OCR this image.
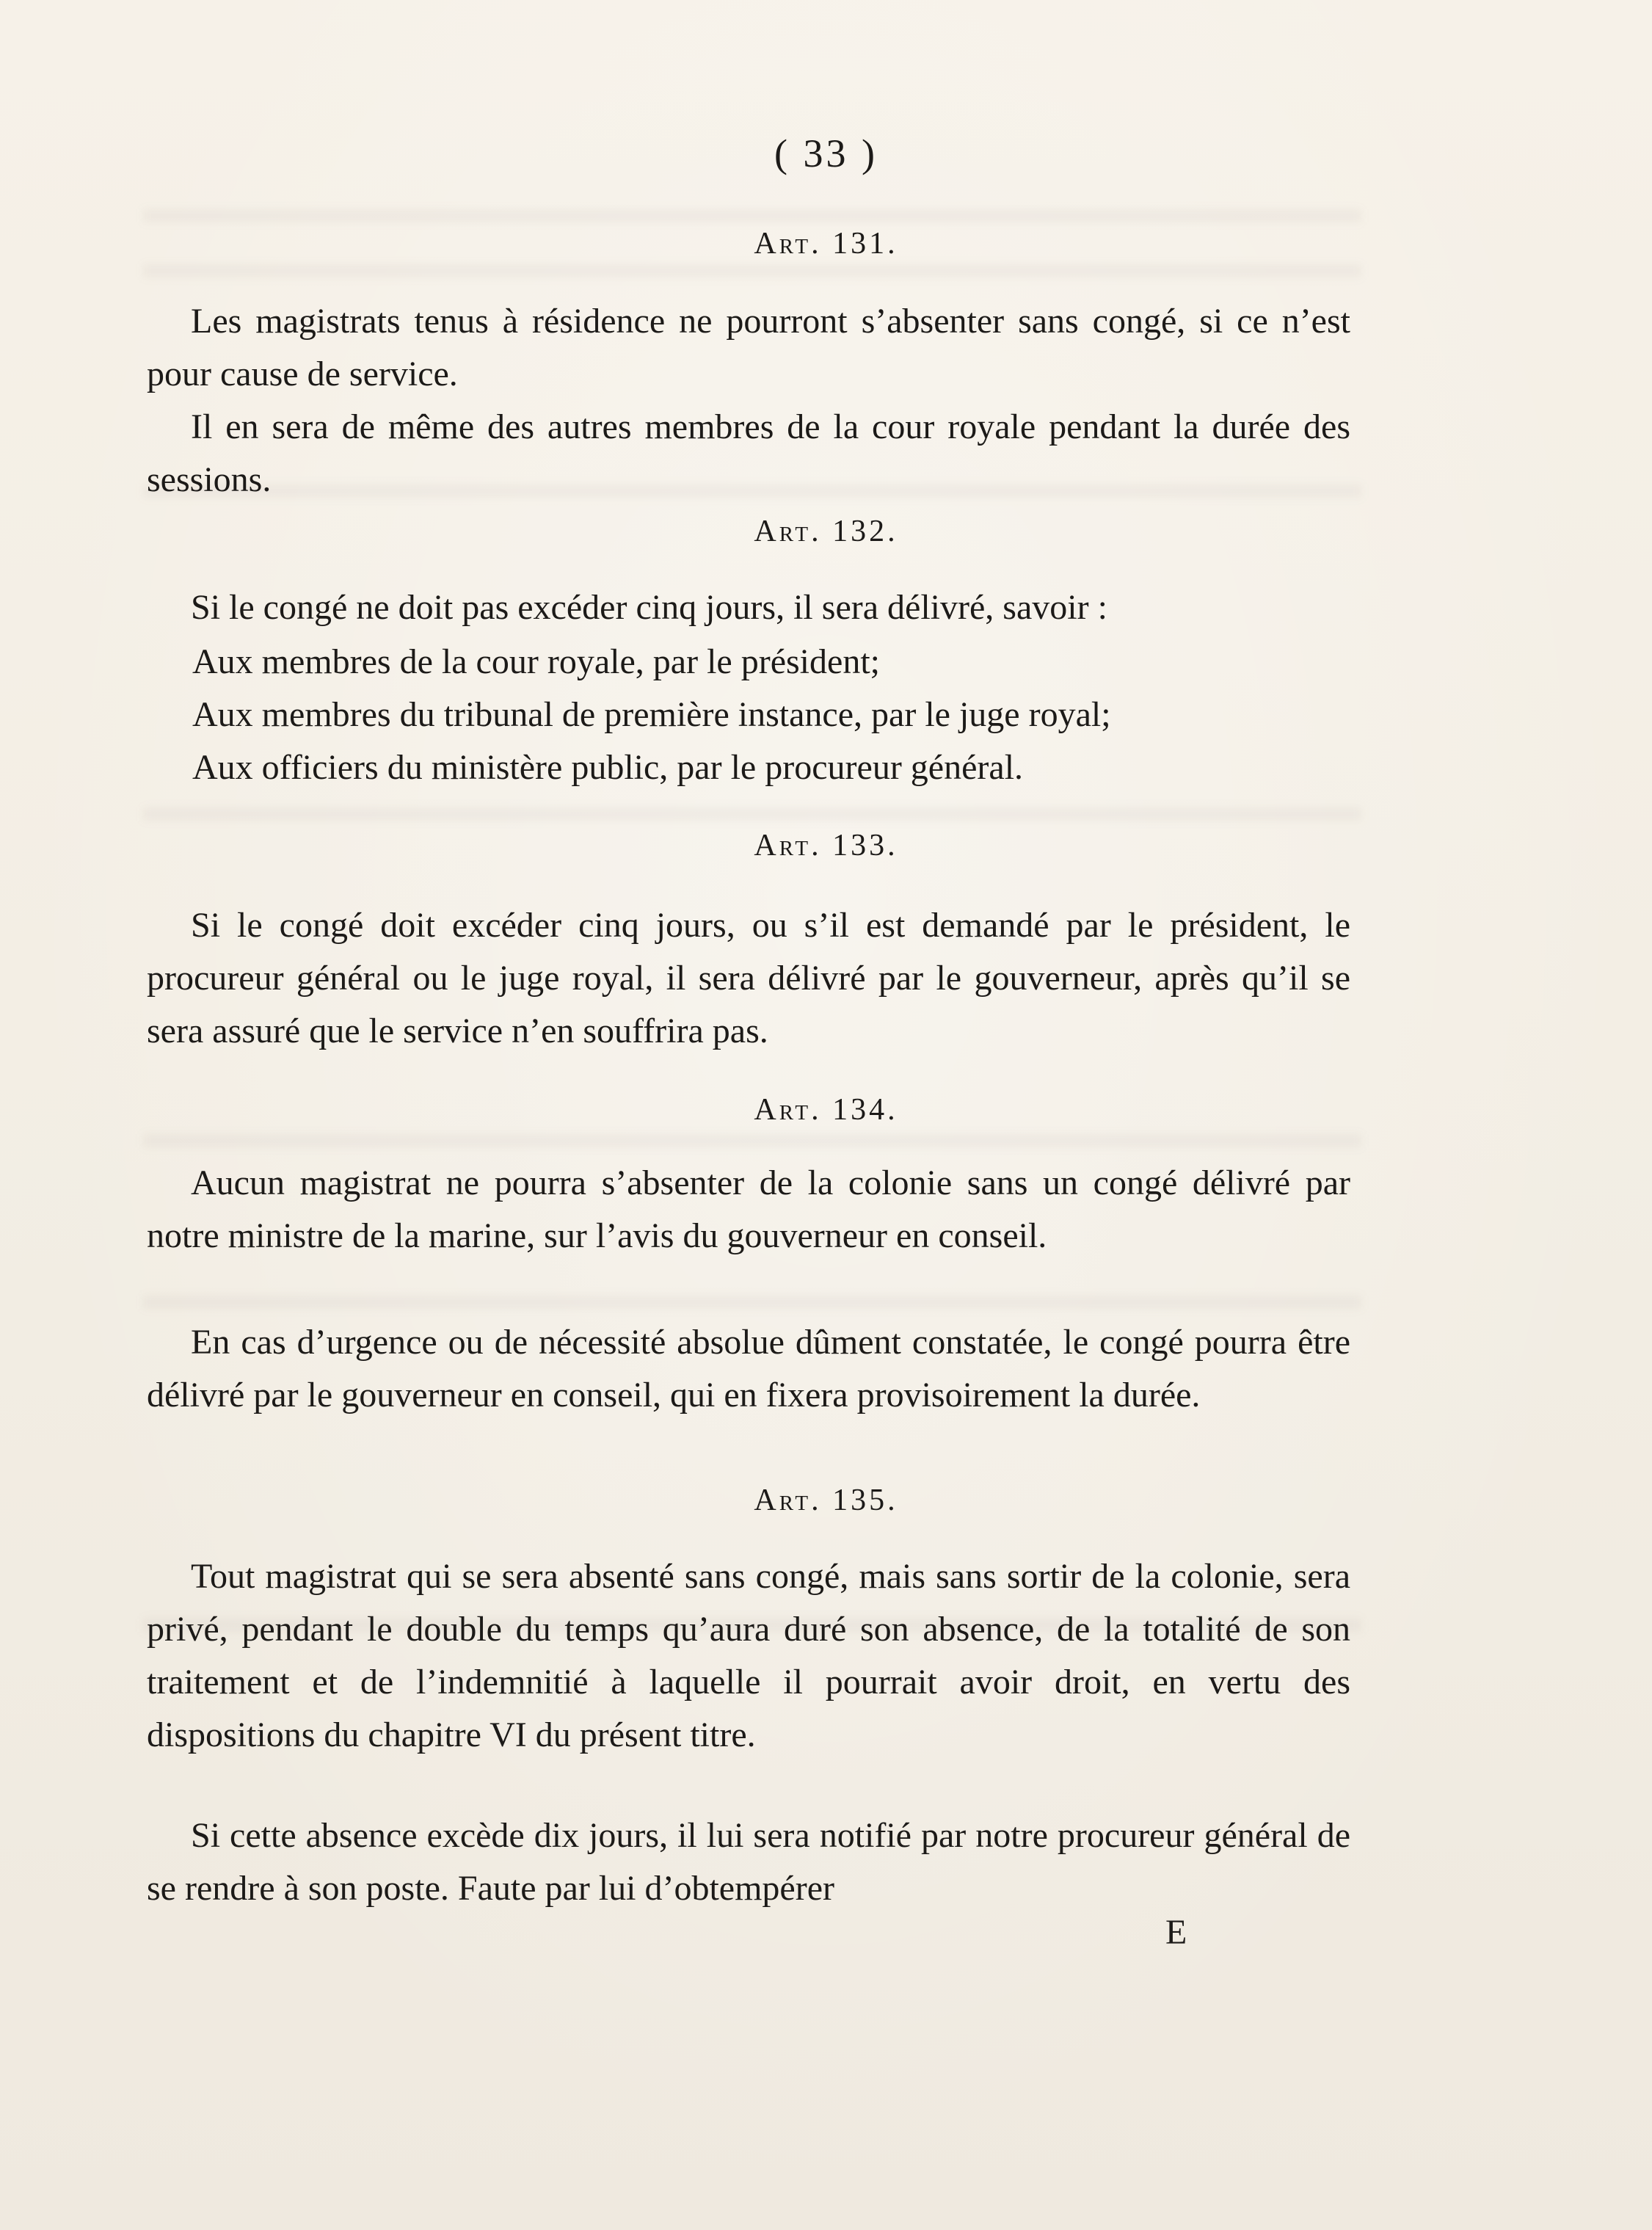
( 33 )
Art. 131.
Les magistrats tenus à résidence ne pourront s’absenter sans congé, si ce n’est pour cause de service.
Il en sera de même des autres membres de la cour royale pendant la durée des sessions.
Art. 132.
Si le congé ne doit pas excéder cinq jours, il sera délivré, savoir :
Aux membres de la cour royale, par le président;
Aux membres du tribunal de première instance, par le juge royal;
Aux officiers du ministère public, par le procureur général.
Art. 133.
Si le congé doit excéder cinq jours, ou s’il est demandé par le président, le procureur général ou le juge royal, il sera délivré par le gouverneur, après qu’il se sera assuré que le service n’en souffrira pas.
Art. 134.
Aucun magistrat ne pourra s’absenter de la colonie sans un congé délivré par notre ministre de la marine, sur l’avis du gouverneur en conseil.
En cas d’urgence ou de nécessité absolue dûment constatée, le congé pourra être délivré par le gouverneur en conseil, qui en fixera provisoirement la durée.
Art. 135.
Tout magistrat qui se sera absenté sans congé, mais sans sortir de la colonie, sera privé, pendant le double du temps qu’aura duré son absence, de la totalité de son traitement et de l’indemnitié à laquelle il pourrait avoir droit, en vertu des dispositions du chapitre VI du présent titre.
Si cette absence excède dix jours, il lui sera notifié par notre procureur général de se rendre à son poste. Faute par lui d’obtempérer
E
